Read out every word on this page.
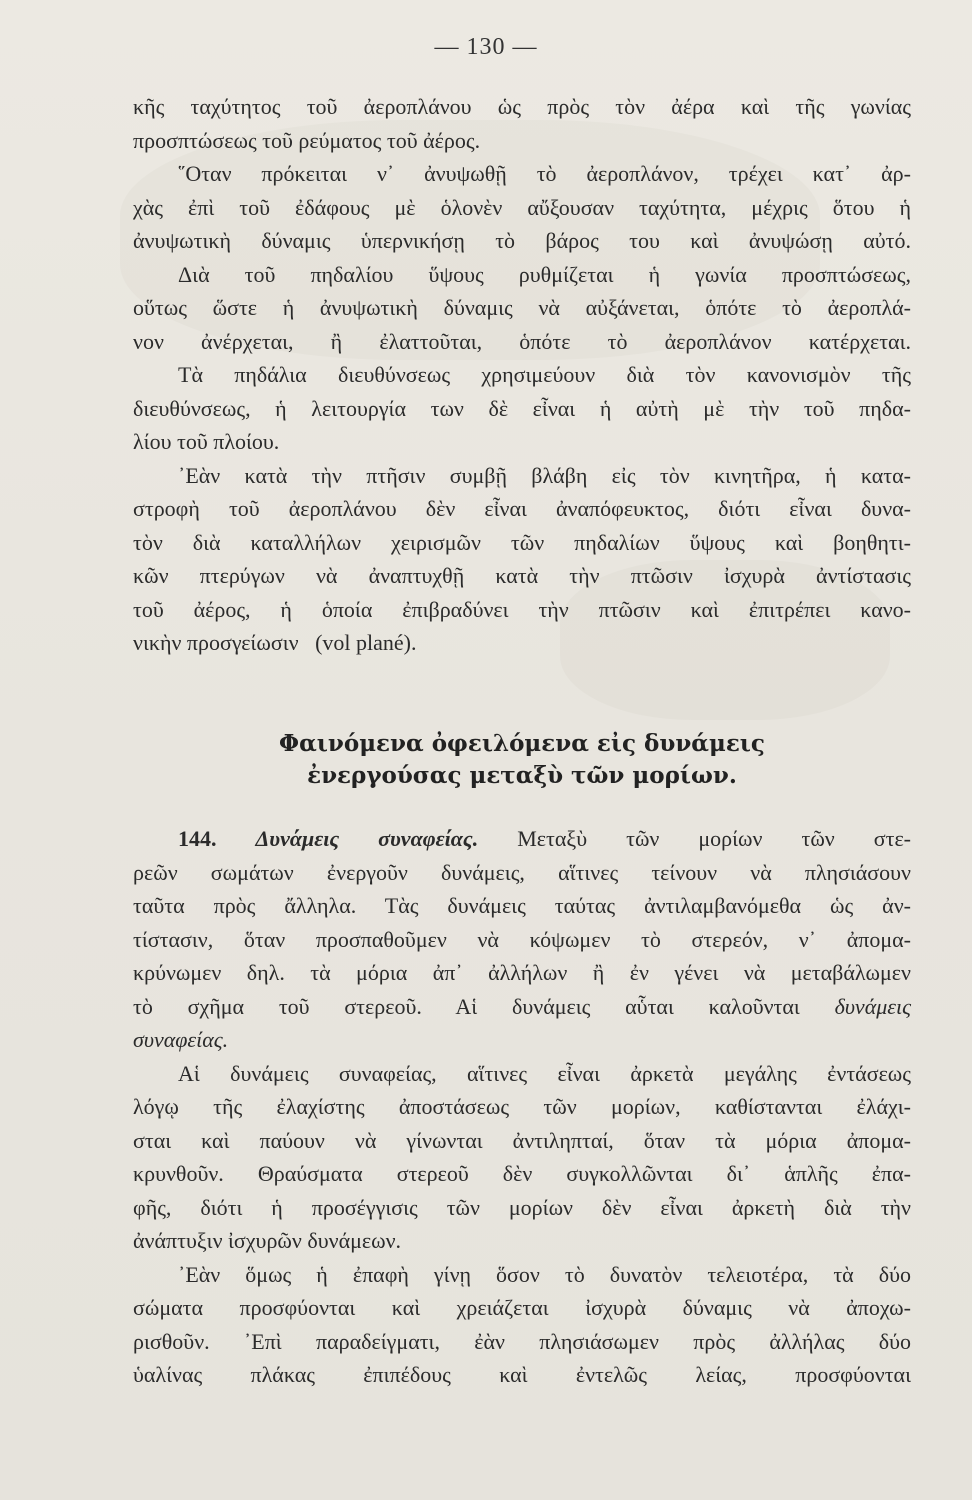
— 130 —
κῆς ταχύτητος τοῦ ἀεροπλάνου ὡς πρὸς τὸν ἀέρα καὶ τῆς γωνίας
προσπτώσεως τοῦ ρεύματος τοῦ ἀέρος.
῞Οταν πρόκειται ν᾽ ἀνυψωθῇ τὸ ἀεροπλάνον, τρέχει κατ᾽ ἀρ-
χὰς ἐπὶ τοῦ ἐδάφους μὲ ὁλονὲν αὔξουσαν ταχύτητα, μέχρις ὅτου ἡ
ἀνυψωτικὴ δύναμις ὑπερνικήσῃ τὸ βάρος του καὶ ἀνυψώσῃ αὐτό.
Διὰ τοῦ πηδαλίου ὕψους ρυθμίζεται ἡ γωνία προσπτώσεως,
οὕτως ὥστε ἡ ἀνυψωτικὴ δύναμις νὰ αὐξάνεται, ὁπότε τὸ ἀεροπλά-
νον ἀνέρχεται, ἢ ἐλαττοῦται, ὁπότε τὸ ἀεροπλάνον κατέρχεται.
Τὰ πηδάλια διευθύνσεως χρησιμεύουν διὰ τὸν κανονισμὸν τῆς
διευθύνσεως, ἡ λειτουργία των δὲ εἶναι ἡ αὐτὴ μὲ τὴν τοῦ πηδα-
λίου τοῦ πλοίου.
᾿Εὰν κατὰ τὴν πτῆσιν συμβῇ βλάβη εἰς τὸν κινητῆρα, ἡ κατα-
στροφὴ τοῦ ἀεροπλάνου δὲν εἶναι ἀναπόφευκτος, διότι εἶναι δυνα-
τὸν διὰ καταλλήλων χειρισμῶν τῶν πηδαλίων ὕψους καὶ βοηθητι-
κῶν πτερύγων νὰ ἀναπτυχθῇ κατὰ τὴν πτῶσιν ἰσχυρὰ ἀντίστασις
τοῦ ἀέρος, ἡ ὁποία ἐπιβραδύνει τὴν πτῶσιν καὶ ἐπιτρέπει κανο-
νικὴν προσγείωσιν (vol plané).
Φαινόμενα ὀφειλόμενα εἰς δυνάμεις
ἐνεργούσας μεταξὺ τῶν μορίων.
144. Δυνάμεις συναφείας. Μεταξὺ τῶν μορίων τῶν στε-
ρεῶν σωμάτων ἐνεργοῦν δυνάμεις, αἵτινες τείνουν νὰ πλησιάσουν
ταῦτα πρὸς ἄλληλα. Τὰς δυνάμεις ταύτας ἀντιλαμβανόμεθα ὡς ἀν-
τίστασιν, ὅταν προσπαθοῦμεν νὰ κόψωμεν τὸ στερεόν, ν᾽ ἀπομα-
κρύνωμεν δηλ. τὰ μόρια ἀπ᾽ ἀλλήλων ἢ ἐν γένει νὰ μεταβάλωμεν
τὸ σχῆμα τοῦ στερεοῦ. Αἱ δυνάμεις αὗται καλοῦνται δυνάμεις
συναφείας.
Αἱ δυνάμεις συναφείας, αἵτινες εἶναι ἀρκετὰ μεγάλης ἐντάσεως
λόγῳ τῆς ἐλαχίστης ἀποστάσεως τῶν μορίων, καθίστανται ἐλάχι-
σται καὶ παύουν νὰ γίνωνται ἀντιληπταί, ὅταν τὰ μόρια ἀπομα-
κρυνθοῦν. Θραύσματα στερεοῦ δὲν συγκολλῶνται δι᾽ ἁπλῆς ἐπα-
φῆς, διότι ἡ προσέγγισις τῶν μορίων δὲν εἶναι ἀρκετὴ διὰ τὴν
ἀνάπτυξιν ἰσχυρῶν δυνάμεων.
᾿Εὰν ὅμως ἡ ἐπαφὴ γίνῃ ὅσον τὸ δυνατὸν τελειοτέρα, τὰ δύο
σώματα προσφύονται καὶ χρειάζεται ἰσχυρὰ δύναμις νὰ ἀποχω-
ρισθοῦν. ᾿Επὶ παραδείγματι, ἐὰν πλησιάσωμεν πρὸς ἀλλήλας δύο
ὑαλίνας πλάκας ἐπιπέδους καὶ ἐντελῶς λείας, προσφύονται
